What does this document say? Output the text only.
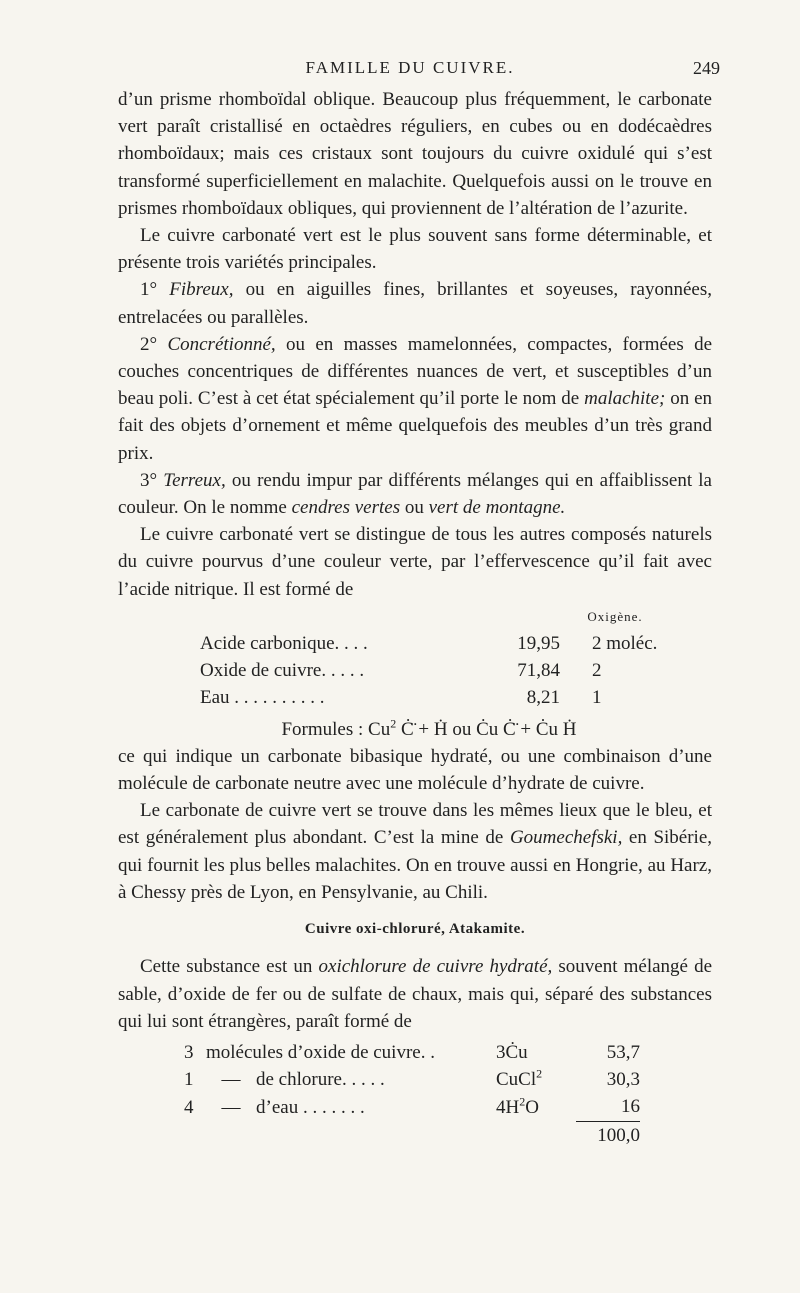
FAMILLE DU CUIVRE.	249

d’un prisme rhomboïdal oblique. Beaucoup plus fréquemment, le carbonate vert paraît cristallisé en octaèdres réguliers, en cubes ou en dodécaèdres rhomboïdaux; mais ces cristaux sont toujours du cuivre oxidulé qui s’est transformé superficiellement en malachite. Quelquefois aussi on le trouve en prismes rhomboïdaux obliques, qui proviennent de l’altération de l’azurite.

Le cuivre carbonaté vert est le plus souvent sans forme déterminable, et présente trois variétés principales.

1° Fibreux, ou en aiguilles fines, brillantes et soyeuses, rayonnées, entrelacées ou parallèles.

2° Concrétionné, ou en masses mamelonnées, compactes, formées de couches concentriques de différentes nuances de vert, et susceptibles d’un beau poli. C’est à cet état spécialement qu’il porte le nom de malachite; on en fait des objets d’ornement et même quelquefois des meubles d’un très grand prix.

3° Terreux, ou rendu impur par différents mélanges qui en affaiblissent la couleur. On le nomme cendres vertes ou vert de montagne.

Le cuivre carbonaté vert se distingue de tous les autres composés naturels du cuivre pourvus d’une couleur verte, par l’effervescence qu’il fait avec l’acide nitrique. Il est formé de

		Oxigène.
Acide carbonique. . . .	19,95	2 moléc.
Oxide de cuivre. . . . .	71,84	2
Eau . . . . . . . . . .	8,21	1

Formules : Cu$^2$ Ċ̈ + Ḣ ou Ċu Ċ̈ + Ċu Ḣ

ce qui indique un carbonate bibasique hydraté, ou une combinaison d’une molécule de carbonate neutre avec une molécule d’hydrate de cuivre.

Le carbonate de cuivre vert se trouve dans les mêmes lieux que le bleu, et est généralement plus abondant. C’est la mine de Goumechefski, en Sibérie, qui fournit les plus belles malachites. On en trouve aussi en Hongrie, au Harz, à Chessy près de Lyon, en Pensylvanie, au Chili.

Cuivre oxi-chloruré, Atakamite.

Cette substance est un oxichlorure de cuivre hydraté, souvent mélangé de sable, d’oxide de fer ou de sulfate de chaux, mais qui, séparé des substances qui lui sont étrangères, paraît formé de

3	molécules d’oxide de cuivre. .		3Ċu	53,7
1	—	de chlorure. . . . .	CuCl$^2$	30,3
4	—	d’eau . . . . . . .	$4H^2O$	16
				100,0
